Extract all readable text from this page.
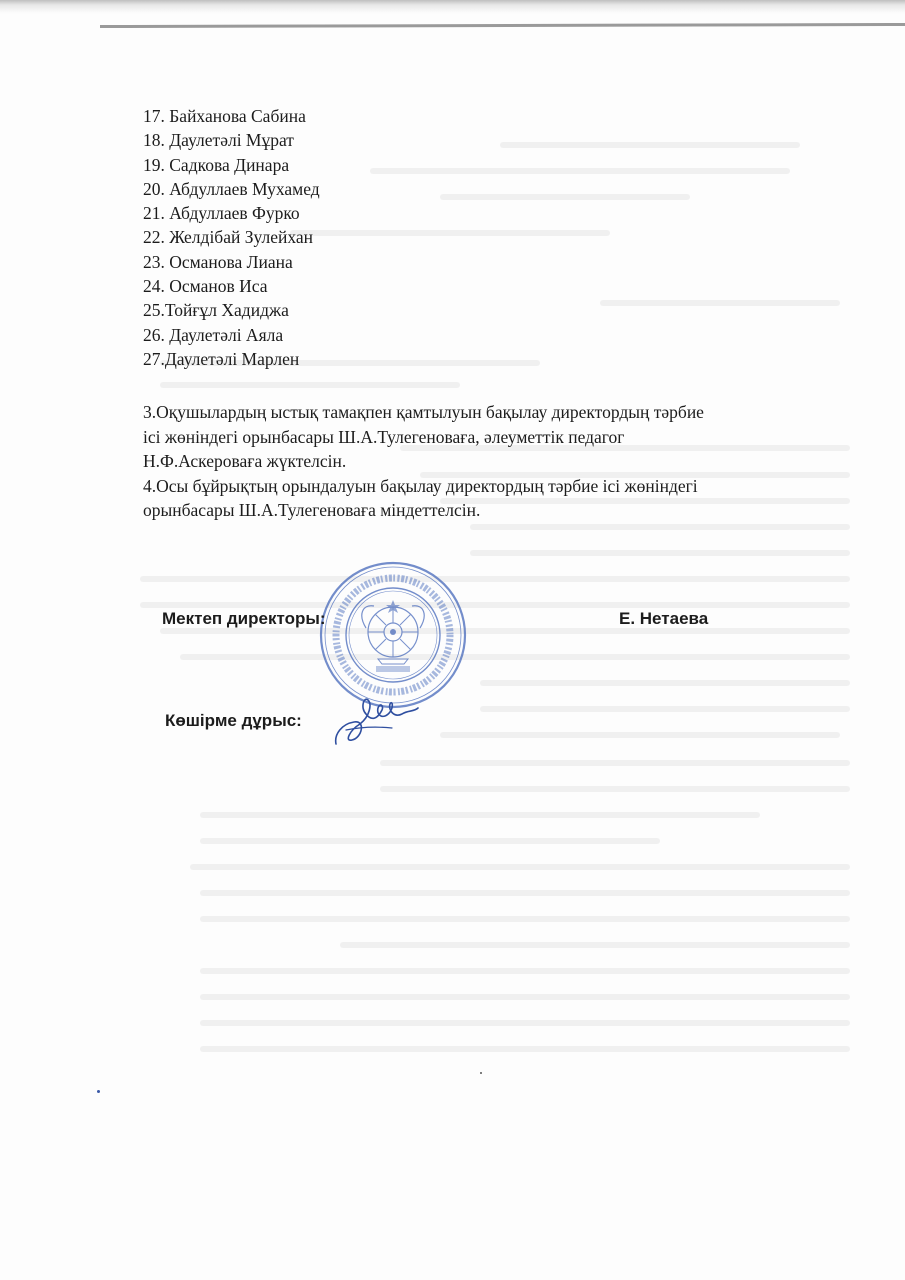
17. Байханова Сабина
18. Даулетәлі Мұрат
19. Садкова Динара
20. Абдуллаев Мухамед
21. Абдуллаев Фурко
22. Желдібай Зулейхан
23. Османова Лиана
24. Османов Иса
25.Тойғұл Хадиджа
26. Даулетәлі Аяла
27.Даулетәлі Марлен

3.Оқушылардың ыстық тамақпен қамтылуын бақылау директордың тәрбие

ісі жөніндегі орынбасары Ш.А.Тулегеноваға, әлеуметтік педагог

Н.Ф.Аскероваға жүктелсін.

4.Осы бұйрықтың орындалуын бақылау директордың тәрбие ісі жөніндегі

орынбасары Ш.А.Тулегеноваға міндеттелсін.

Мектеп директоры:	Е. Нетаева
Көшірме дұрыс:
